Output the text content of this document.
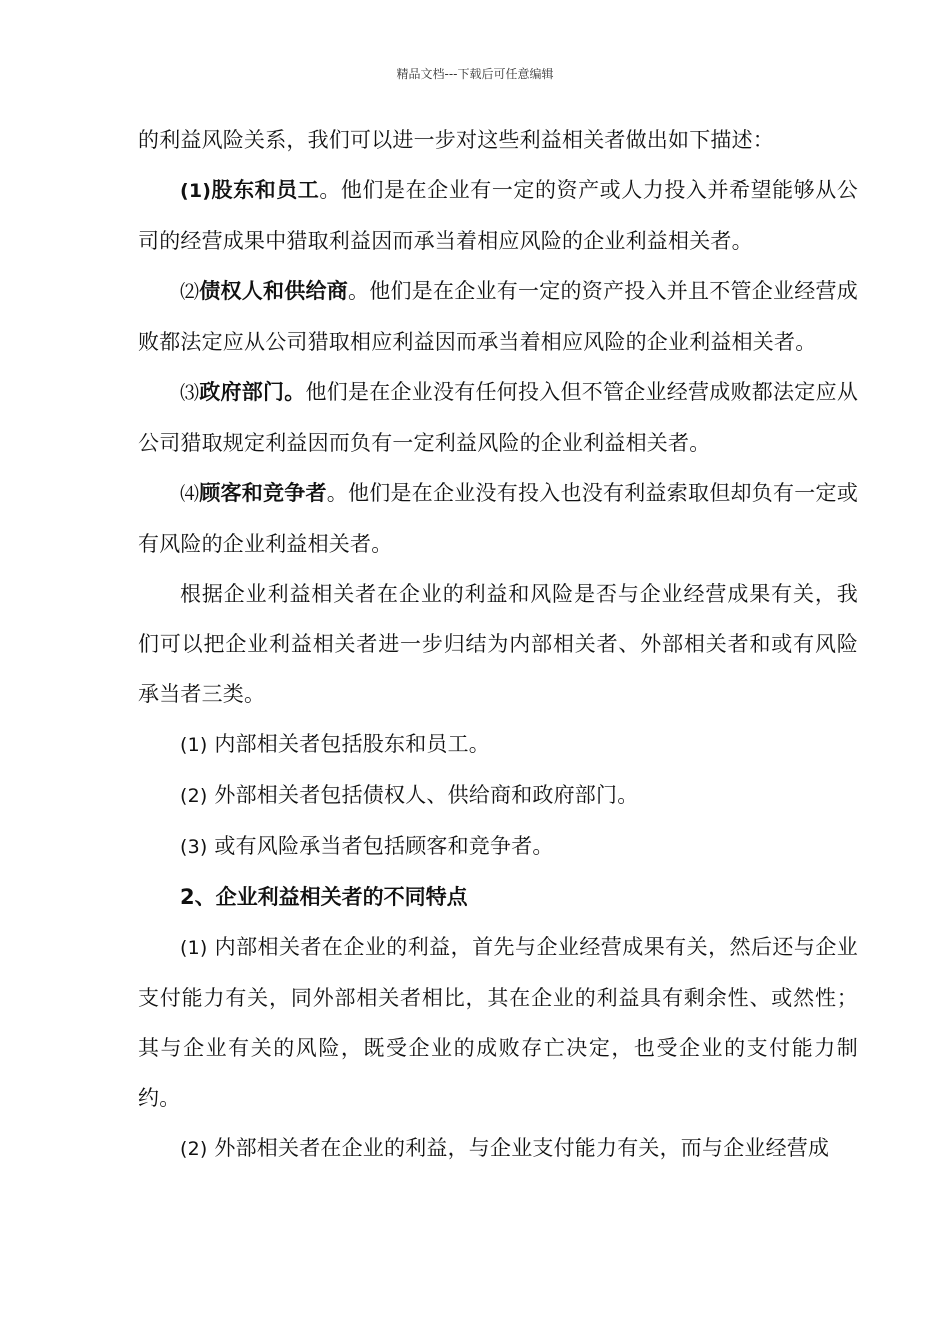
精品文档---下载后可任意编辑

的利益风险关系，我们可以进一步对这些利益相关者做出如下描述：

(1)股东和员工。他们是在企业有一定的资产或人力投入并希望能够从公司的经营成果中猎取利益因而承当着相应风险的企业利益相关者。

⑵债权人和供给商。他们是在企业有一定的资产投入并且不管企业经营成败都法定应从公司猎取相应利益因而承当着相应风险的企业利益相关者。

⑶政府部门。他们是在企业没有任何投入但不管企业经营成败都法定应从公司猎取规定利益因而负有一定利益风险的企业利益相关者。

⑷顾客和竞争者。他们是在企业没有投入也没有利益索取但却负有一定或有风险的企业利益相关者。

根据企业利益相关者在企业的利益和风险是否与企业经营成果有关，我们可以把企业利益相关者进一步归结为内部相关者、外部相关者和或有风险承当者三类。

(1) 内部相关者包括股东和员工。

(2) 外部相关者包括债权人、供给商和政府部门。

(3) 或有风险承当者包括顾客和竞争者。

2、企业利益相关者的不同特点

(1) 内部相关者在企业的利益，首先与企业经营成果有关，然后还与企业支付能力有关，同外部相关者相比，其在企业的利益具有剩余性、或然性；其与企业有关的风险，既受企业的成败存亡决定，也受企业的支付能力制约。

(2) 外部相关者在企业的利益，与企业支付能力有关，而与企业经营成
